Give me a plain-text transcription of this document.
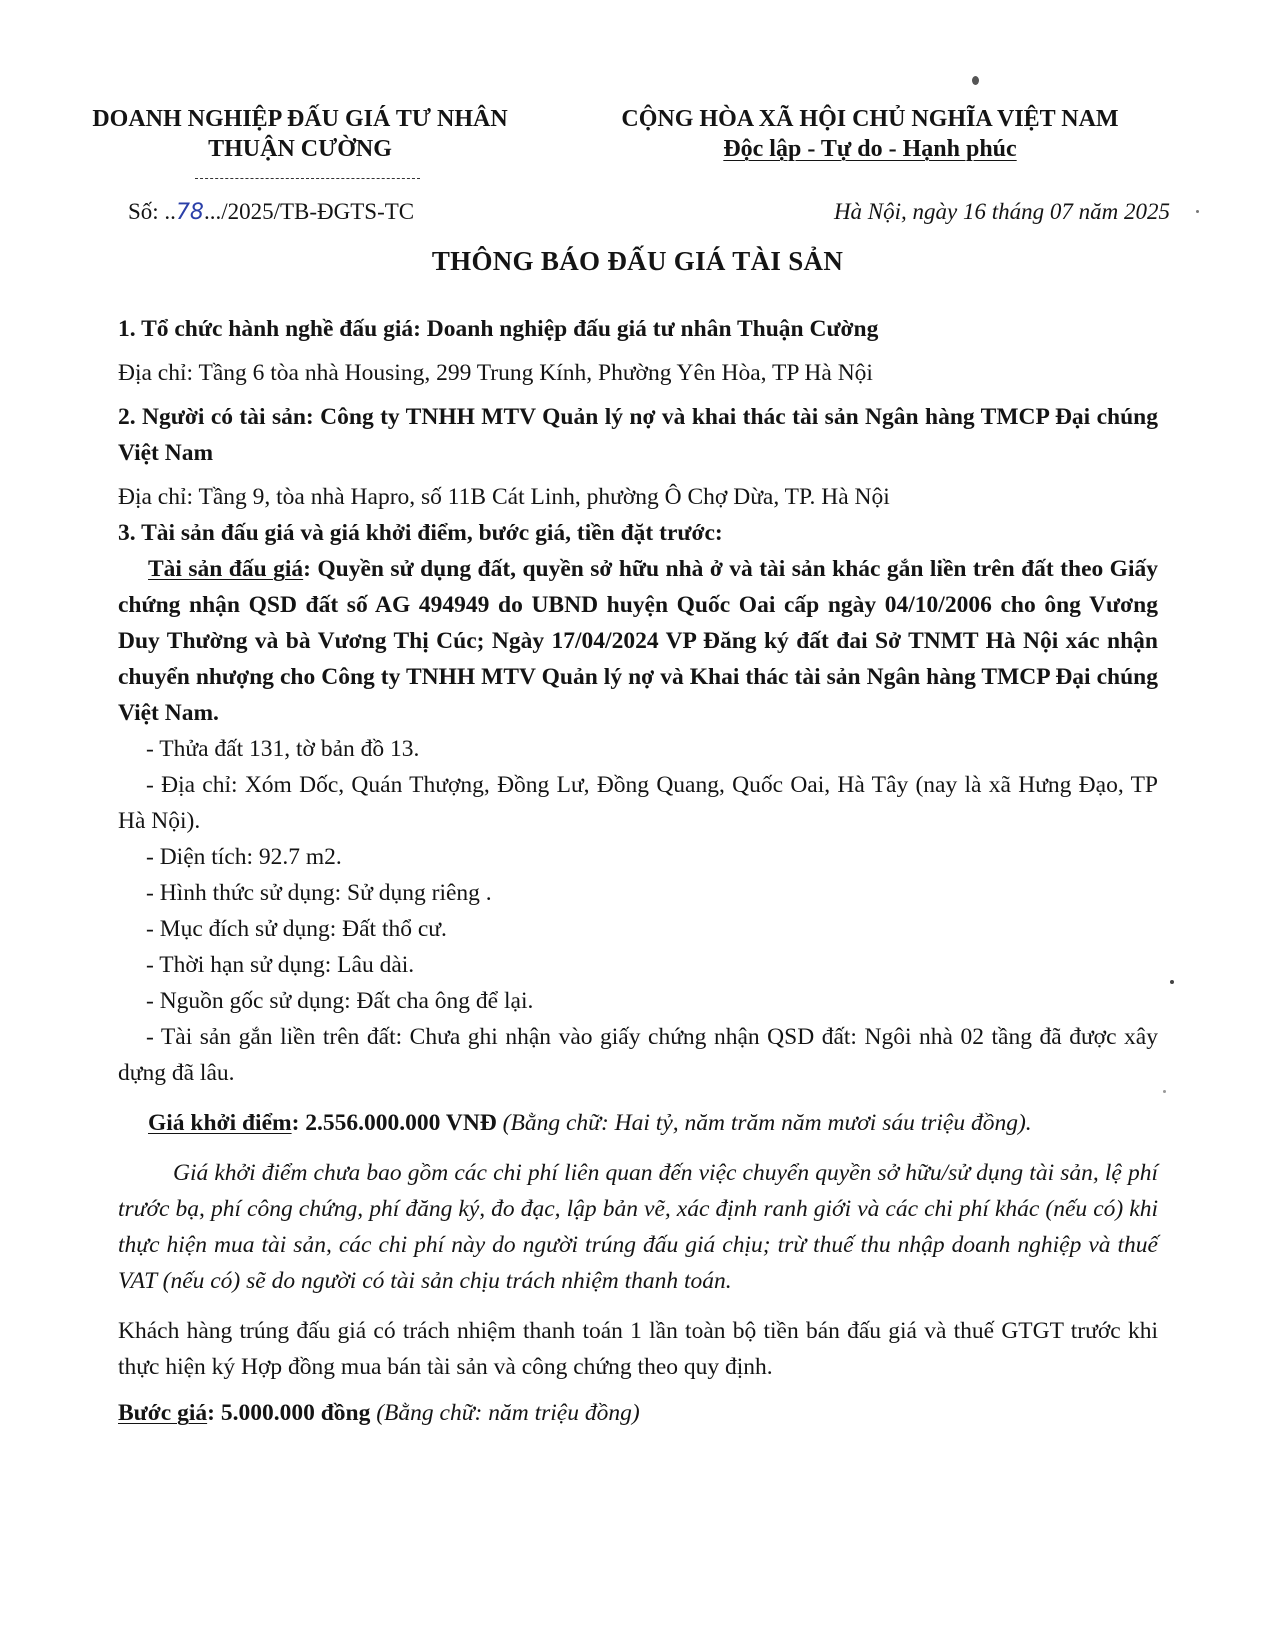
DOANH NGHIỆP ĐẤU GIÁ TƯ NHÂN
THUẬN CƯỜNG
CỘNG HÒA XÃ HỘI CHỦ NGHĨA VIỆT NAM
Độc lập - Tự do - Hạnh phúc
Số: ..78.../2025/TB-ĐGTS-TC	Hà Nội, ngày 16 tháng 07 năm 2025
THÔNG BÁO ĐẤU GIÁ TÀI SẢN

1. Tổ chức hành nghề đấu giá: Doanh nghiệp đấu giá tư nhân Thuận Cường

Địa chỉ: Tầng 6 tòa nhà Housing, 299 Trung Kính, Phường Yên Hòa, TP Hà Nội

2. Người có tài sản: Công ty TNHH MTV Quản lý nợ và khai thác tài sản Ngân hàng TMCP Đại chúng Việt Nam

Địa chỉ: Tầng 9, tòa nhà Hapro, số 11B Cát Linh, phường Ô Chợ Dừa, TP. Hà Nội

3. Tài sản đấu giá và giá khởi điểm, bước giá, tiền đặt trước:

Tài sản đấu giá: Quyền sử dụng đất, quyền sở hữu nhà ở và tài sản khác gắn liền trên đất theo Giấy chứng nhận QSD đất số AG 494949 do UBND huyện Quốc Oai cấp ngày 04/10/2006 cho ông Vương Duy Thường và bà Vương Thị Cúc; Ngày 17/04/2024 VP Đăng ký đất đai Sở TNMT Hà Nội xác nhận chuyển nhượng cho Công ty TNHH MTV Quản lý nợ và Khai thác tài sản Ngân hàng TMCP Đại chúng Việt Nam.

- Thửa đất 131, tờ bản đồ 13.

- Địa chỉ: Xóm Dốc, Quán Thượng, Đồng Lư, Đồng Quang, Quốc Oai, Hà Tây (nay là xã Hưng Đạo, TP Hà Nội).

- Diện tích: 92.7 m2.

- Hình thức sử dụng: Sử dụng riêng .

- Mục đích sử dụng: Đất thổ cư.

- Thời hạn sử dụng: Lâu dài.

- Nguồn gốc sử dụng: Đất cha ông để lại.

- Tài sản gắn liền trên đất: Chưa ghi nhận vào giấy chứng nhận QSD đất: Ngôi nhà 02 tầng đã được xây dựng đã lâu.

Giá khởi điểm: 2.556.000.000 VNĐ (Bằng chữ: Hai tỷ, năm trăm năm mươi sáu triệu đồng).

Giá khởi điểm chưa bao gồm các chi phí liên quan đến việc chuyển quyền sở hữu/sử dụng tài sản, lệ phí trước bạ, phí công chứng, phí đăng ký, đo đạc, lập bản vẽ, xác định ranh giới và các chi phí khác (nếu có) khi thực hiện mua tài sản, các chi phí này do người trúng đấu giá chịu; trừ thuế thu nhập doanh nghiệp và thuế VAT (nếu có) sẽ do người có tài sản chịu trách nhiệm thanh toán.

Khách hàng trúng đấu giá có trách nhiệm thanh toán 1 lần toàn bộ tiền bán đấu giá và thuế GTGT trước khi thực hiện ký Hợp đồng mua bán tài sản và công chứng theo quy định.

Bước giá: 5.000.000 đồng (Bằng chữ: năm triệu đồng)
